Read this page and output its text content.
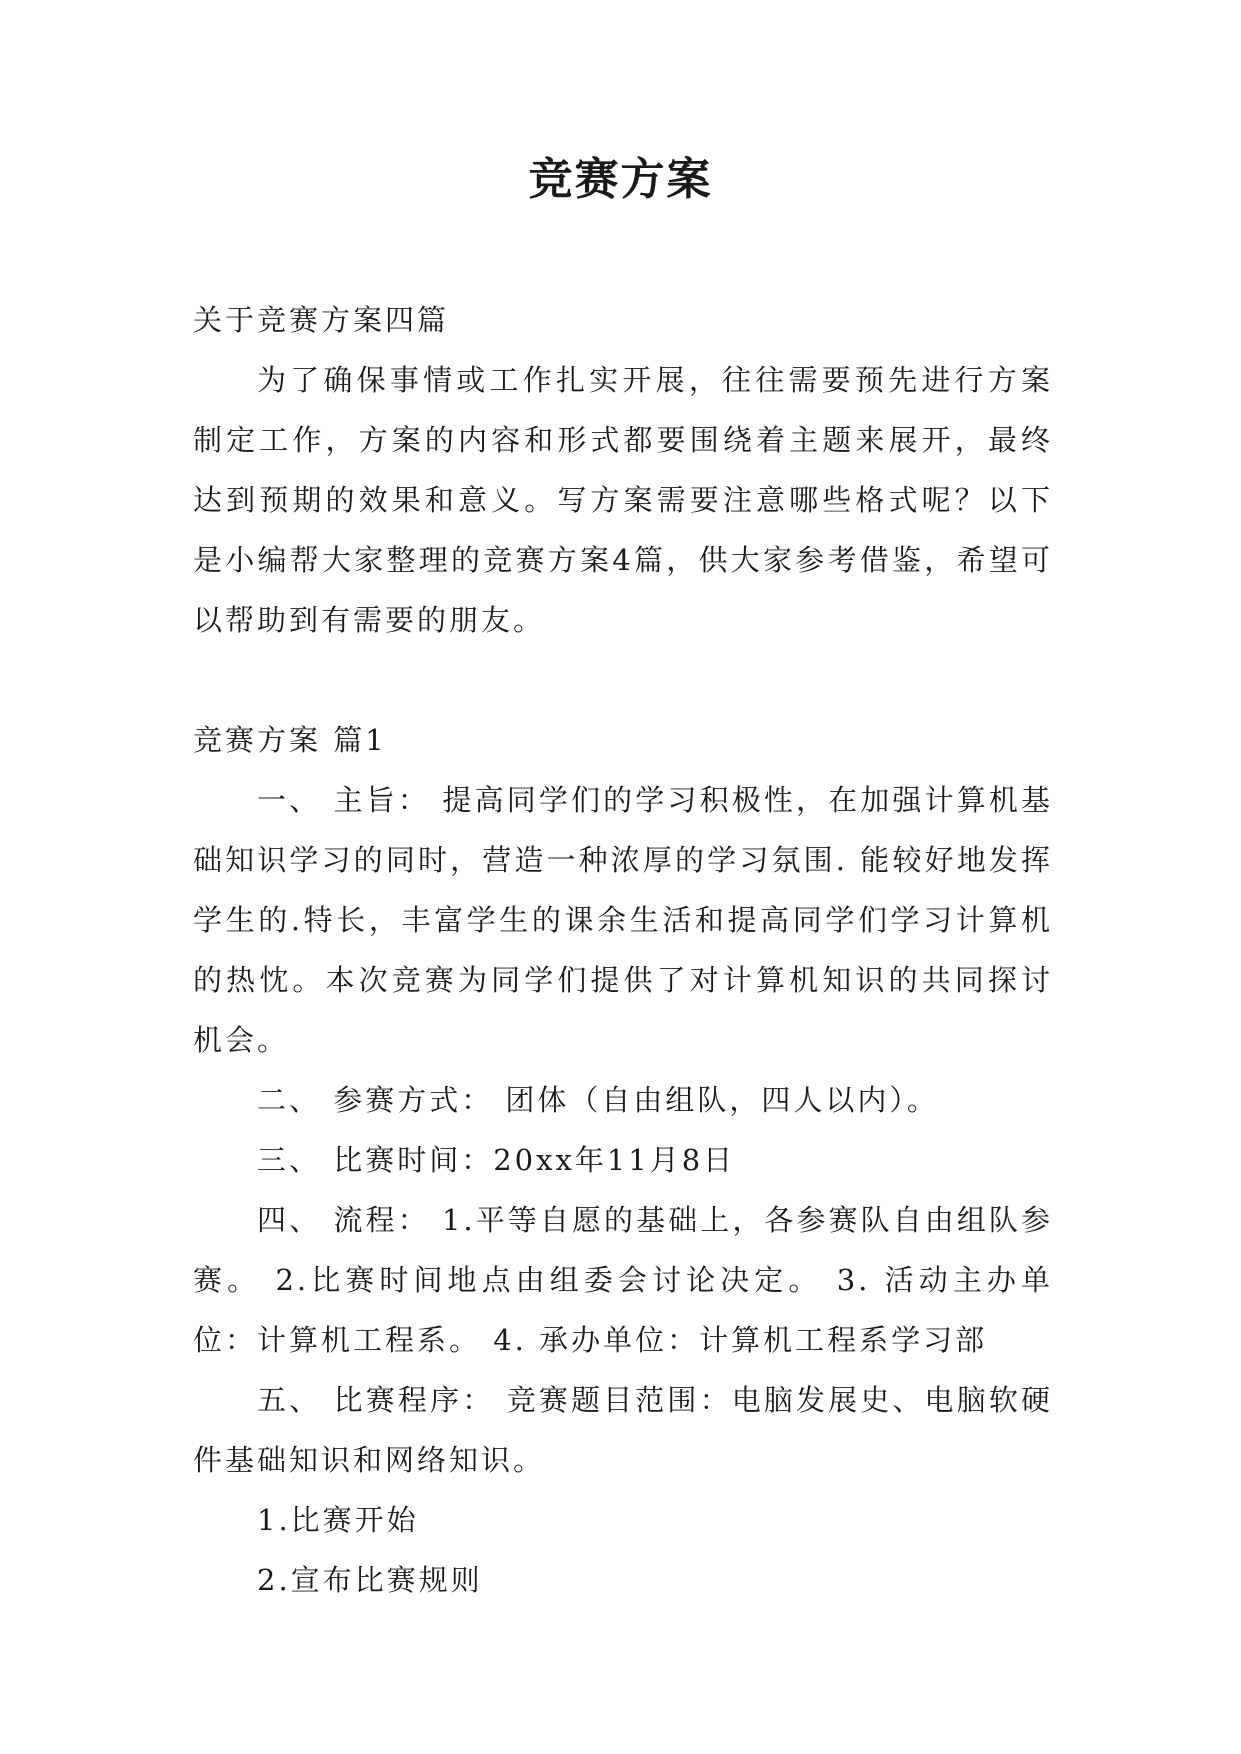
竞赛方案

关于竞赛方案四篇

为了确保事情或工作扎实开展，往往需要预先进行方案制定工作，方案的内容和形式都要围绕着主题来展开，最终达到预期的效果和意义。写方案需要注意哪些格式呢？以下是小编帮大家整理的竞赛方案4篇，供大家参考借鉴，希望可以帮助到有需要的朋友。

竞赛方案 篇1

一、 主旨： 提高同学们的学习积极性，在加强计算机基础知识学习的同时，营造一种浓厚的学习氛围. 能较好地发挥学生的.特长，丰富学生的课余生活和提高同学们学习计算机的热忱。本次竞赛为同学们提供了对计算机知识的共同探讨机会。

二、 参赛方式： 团体（自由组队，四人以内）。

三、 比赛时间：20xx年11月8日

四、 流程： 1.平等自愿的基础上，各参赛队自由组队参赛。 2.比赛时间地点由组委会讨论决定。 3. 活动主办单位：计算机工程系。 4. 承办单位：计算机工程系学习部

五、 比赛程序： 竞赛题目范围：电脑发展史、电脑软硬件基础知识和网络知识。

1.比赛开始

2.宣布比赛规则
